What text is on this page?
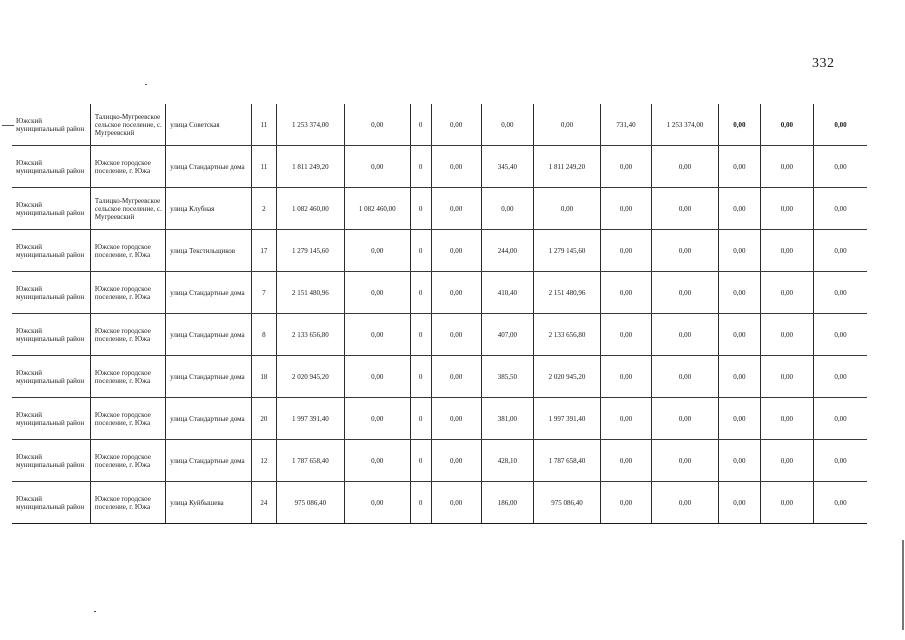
332
Южский муниципальный район	Талицко-Мугреевское сельское поселение, с. Мугреевский	улица Советская	11	1 253 374,00	0,00	0	0,00	0,00	0,00	731,40	1 253 374,00	0,00	0,00	0,00
Южский муниципальный район	Южское городское поселение, г. Южа	улица Стандартные дома	11	1 811 249,20	0,00	0	0,00	345,40	1 811 249,20	0,00	0,00	0,00	0,00	0,00
Южский муниципальный район	Талицко-Мугреевское сельское поселение, с. Мугреевский	улица Клубная	2	1 082 460,00	1 082 460,00	0	0,00	0,00	0,00	0,00	0,00	0,00	0,00	0,00
Южский муниципальный район	Южское городское поселение, г. Южа	улица Текстильщиков	17	1 279 145,60	0,00	0	0,00	244,00	1 279 145,60	0,00	0,00	0,00	0,00	0,00
Южский муниципальный район	Южское городское поселение, г. Южа	улица Стандартные дома	7	2 151 480,96	0,00	0	0,00	410,40	2 151 480,96	0,00	0,00	0,00	0,00	0,00
Южский муниципальный район	Южское городское поселение, г. Южа	улица Стандартные дома	8	2 133 656,80	0,00	0	0,00	407,00	2 133 656,80	0,00	0,00	0,00	0,00	0,00
Южский муниципальный район	Южское городское поселение, г. Южа	улица Стандартные дома	18	2 020 945,20	0,00	0	0,00	385,50	2 020 945,20	0,00	0,00	0,00	0,00	0,00
Южский муниципальный район	Южское городское поселение, г. Южа	улица Стандартные дома	20	1 997 391,40	0,00	0	0,00	381,00	1 997 391,40	0,00	0,00	0,00	0,00	0,00
Южский муниципальный район	Южское городское поселение, г. Южа	улица Стандартные дома	12	1 787 658,40	0,00	0	0,00	428,10	1 787 658,40	0,00	0,00	0,00	0,00	0,00
Южский муниципальный район	Южское городское поселение, г. Южа	улица Куйбышева	24	975 086,40	0,00	0	0,00	186,00	975 086,40	0,00	0,00	0,00	0,00	0,00
